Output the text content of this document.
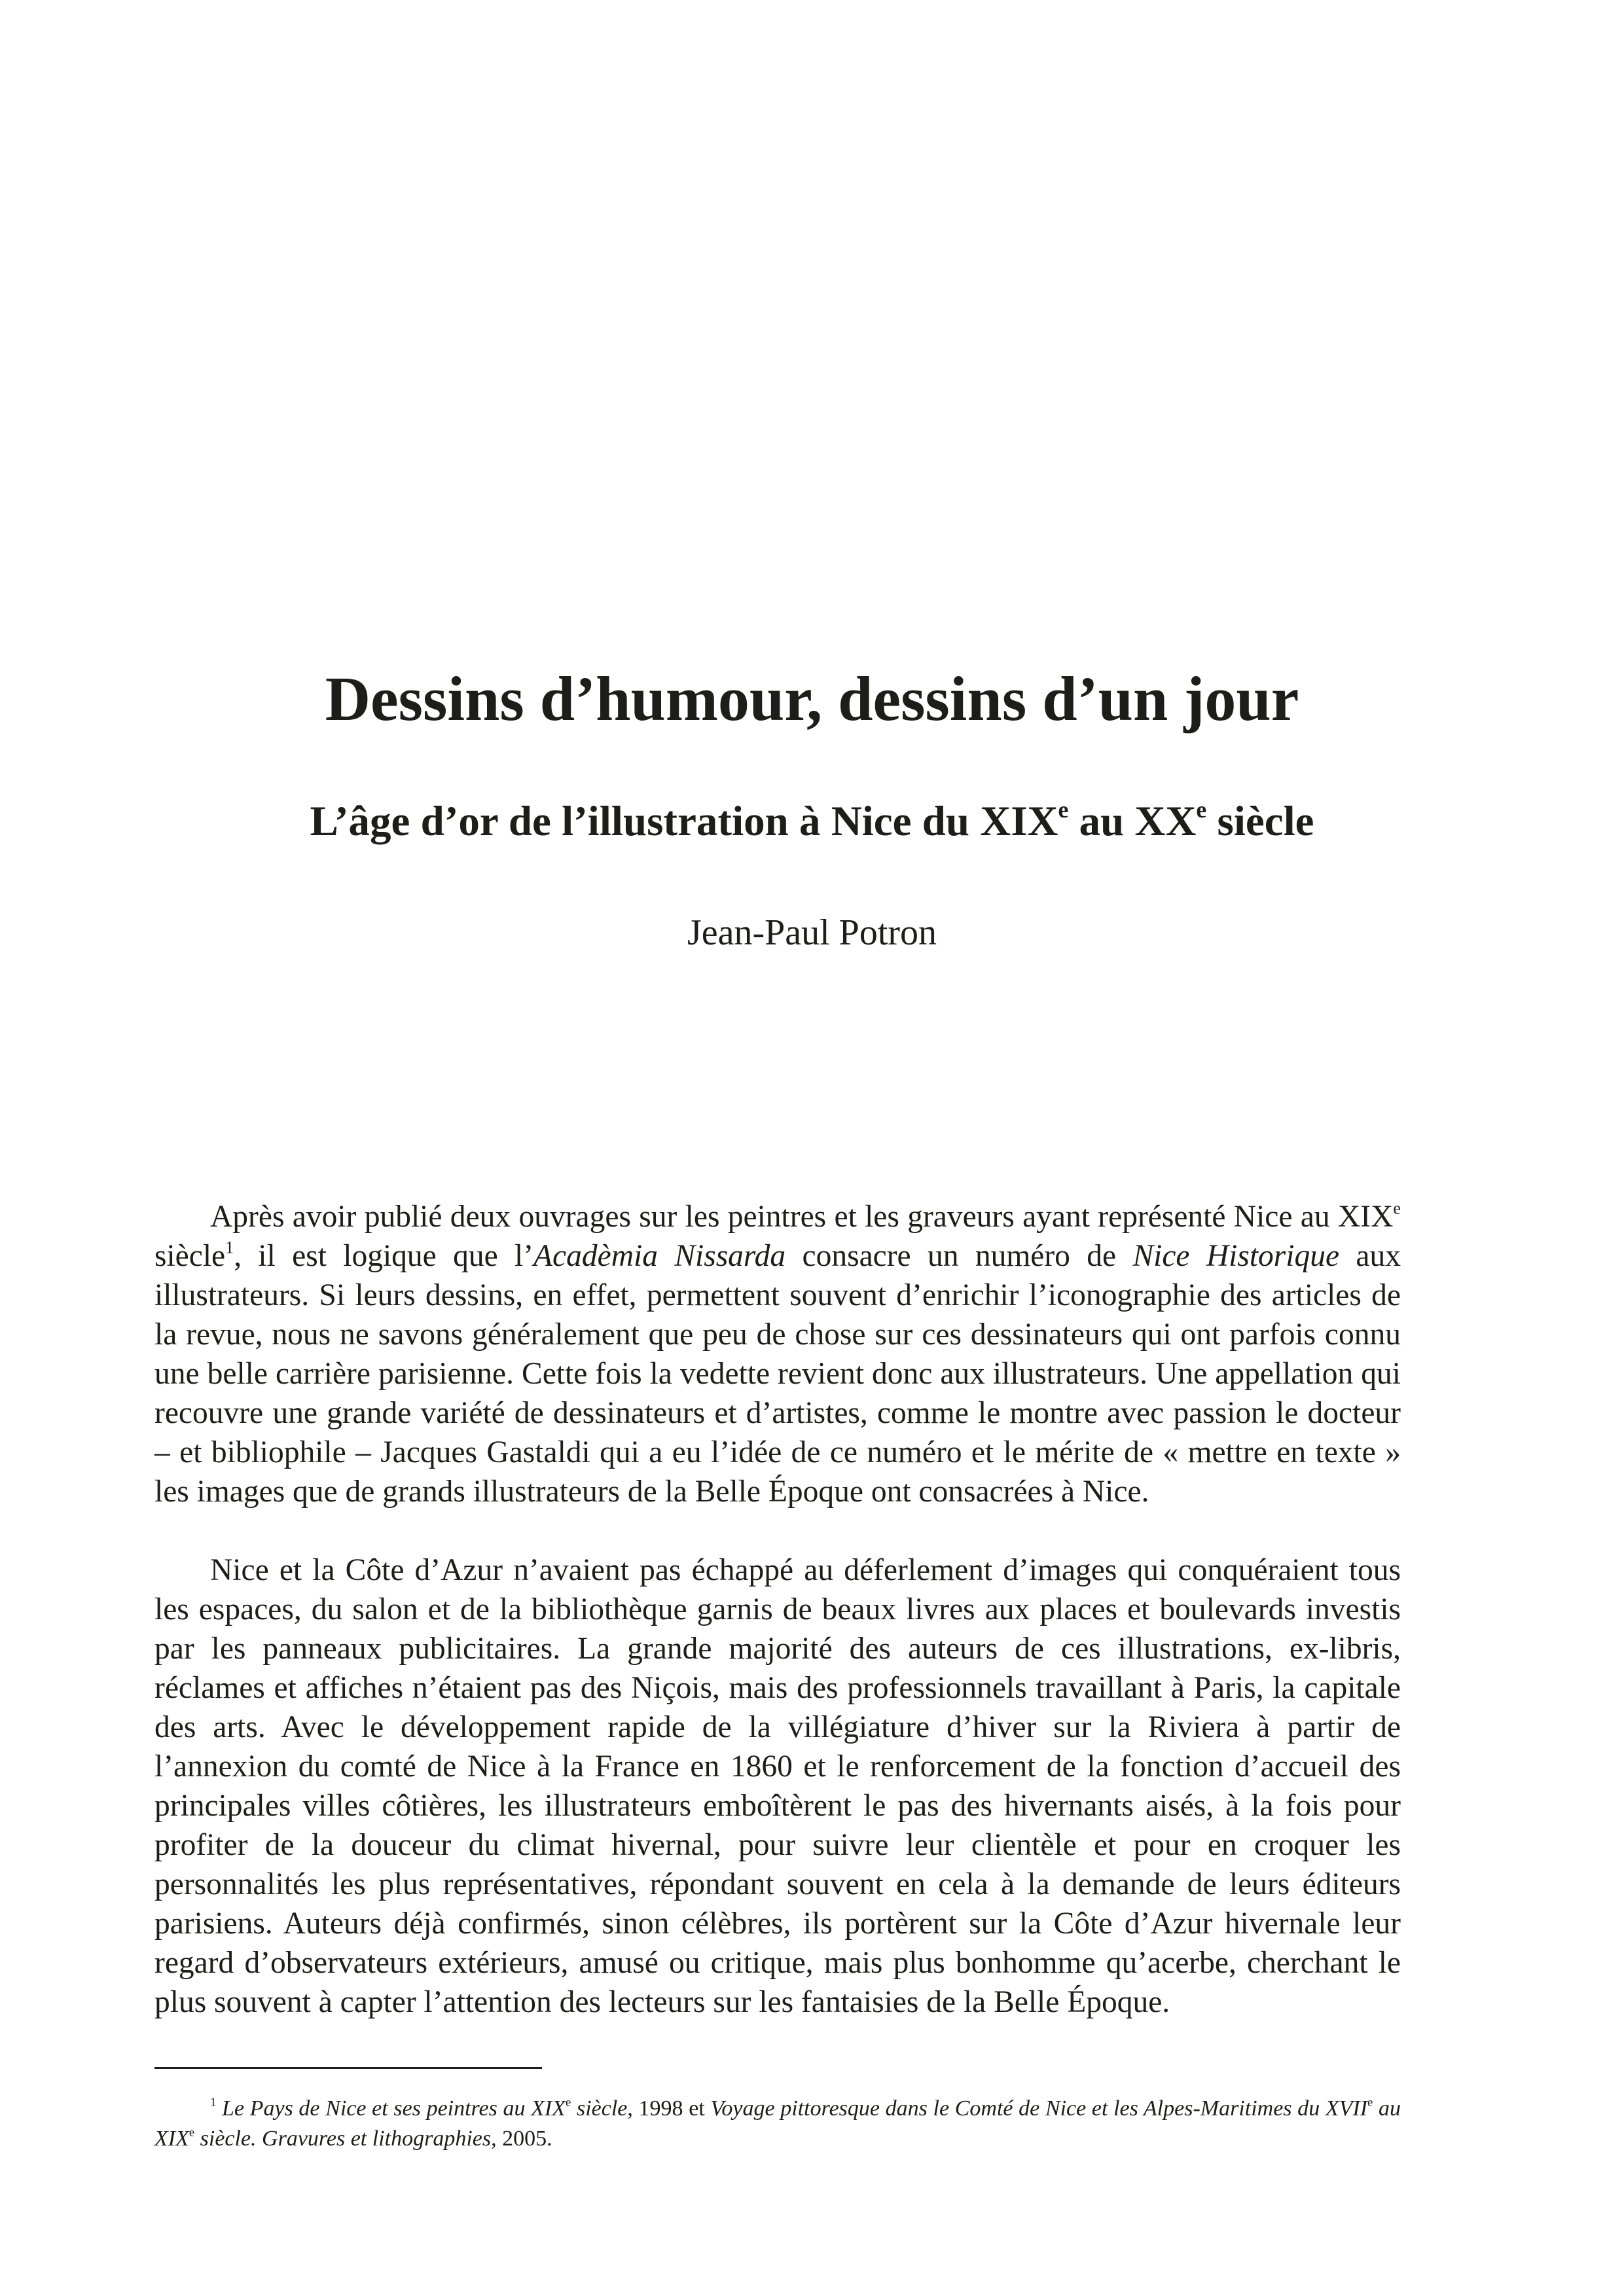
Dessins d’humour, dessins d’un jour
L’âge d’or de l’illustration à Nice du XIXe au XXe siècle
Jean-Paul Potron

Après avoir publié deux ouvrages sur les peintres et les graveurs ayant représenté Nice au XIXe siècle$^1$, il est logique que l’Acadèmia Nissarda consacre un numéro de Nice Historique aux illustrateurs. Si leurs dessins, en effet, permettent souvent d’enrichir l’iconographie des articles de la revue, nous ne savons généralement que peu de chose sur ces dessinateurs qui ont parfois connu une belle carrière parisienne. Cette fois la vedette revient donc aux illustrateurs. Une appellation qui recouvre une grande variété de dessinateurs et d’artistes, comme le montre avec passion le docteur – et bibliophile – Jacques Gastaldi qui a eu l’idée de ce numéro et le mérite de « mettre en texte » les images que de grands illustrateurs de la Belle Époque ont consacrées à Nice.

Nice et la Côte d’Azur n’avaient pas échappé au déferlement d’images qui conquéraient tous les espaces, du salon et de la bibliothèque garnis de beaux livres aux places et boulevards investis par les panneaux publicitaires. La grande majorité des auteurs de ces illustrations, ex-libris, réclames et affiches n’étaient pas des Niçois, mais des professionnels travaillant à Paris, la capitale des arts. Avec le développement rapide de la villégiature d’hiver sur la Riviera à partir de l’annexion du comté de Nice à la France en 1860 et le renforcement de la fonction d’accueil des principales villes côtières, les illustrateurs emboîtèrent le pas des hivernants aisés, à la fois pour profiter de la douceur du climat hivernal, pour suivre leur clientèle et pour en croquer les personnalités les plus représentatives, répondant souvent en cela à la demande de leurs éditeurs parisiens. Auteurs déjà confirmés, sinon célèbres, ils portèrent sur la Côte d’Azur hivernale leur regard d’observateurs extérieurs, amusé ou critique, mais plus bonhomme qu’acerbe, cherchant le plus souvent à capter l’attention des lecteurs sur les fantaisies de la Belle Époque.

$^1$ Le Pays de Nice et ses peintres au XIXe siècle, 1998 et Voyage pittoresque dans le Comté de Nice et les Alpes-Maritimes du XVIIe au XIXe siècle. Gravures et lithographies, 2005.
